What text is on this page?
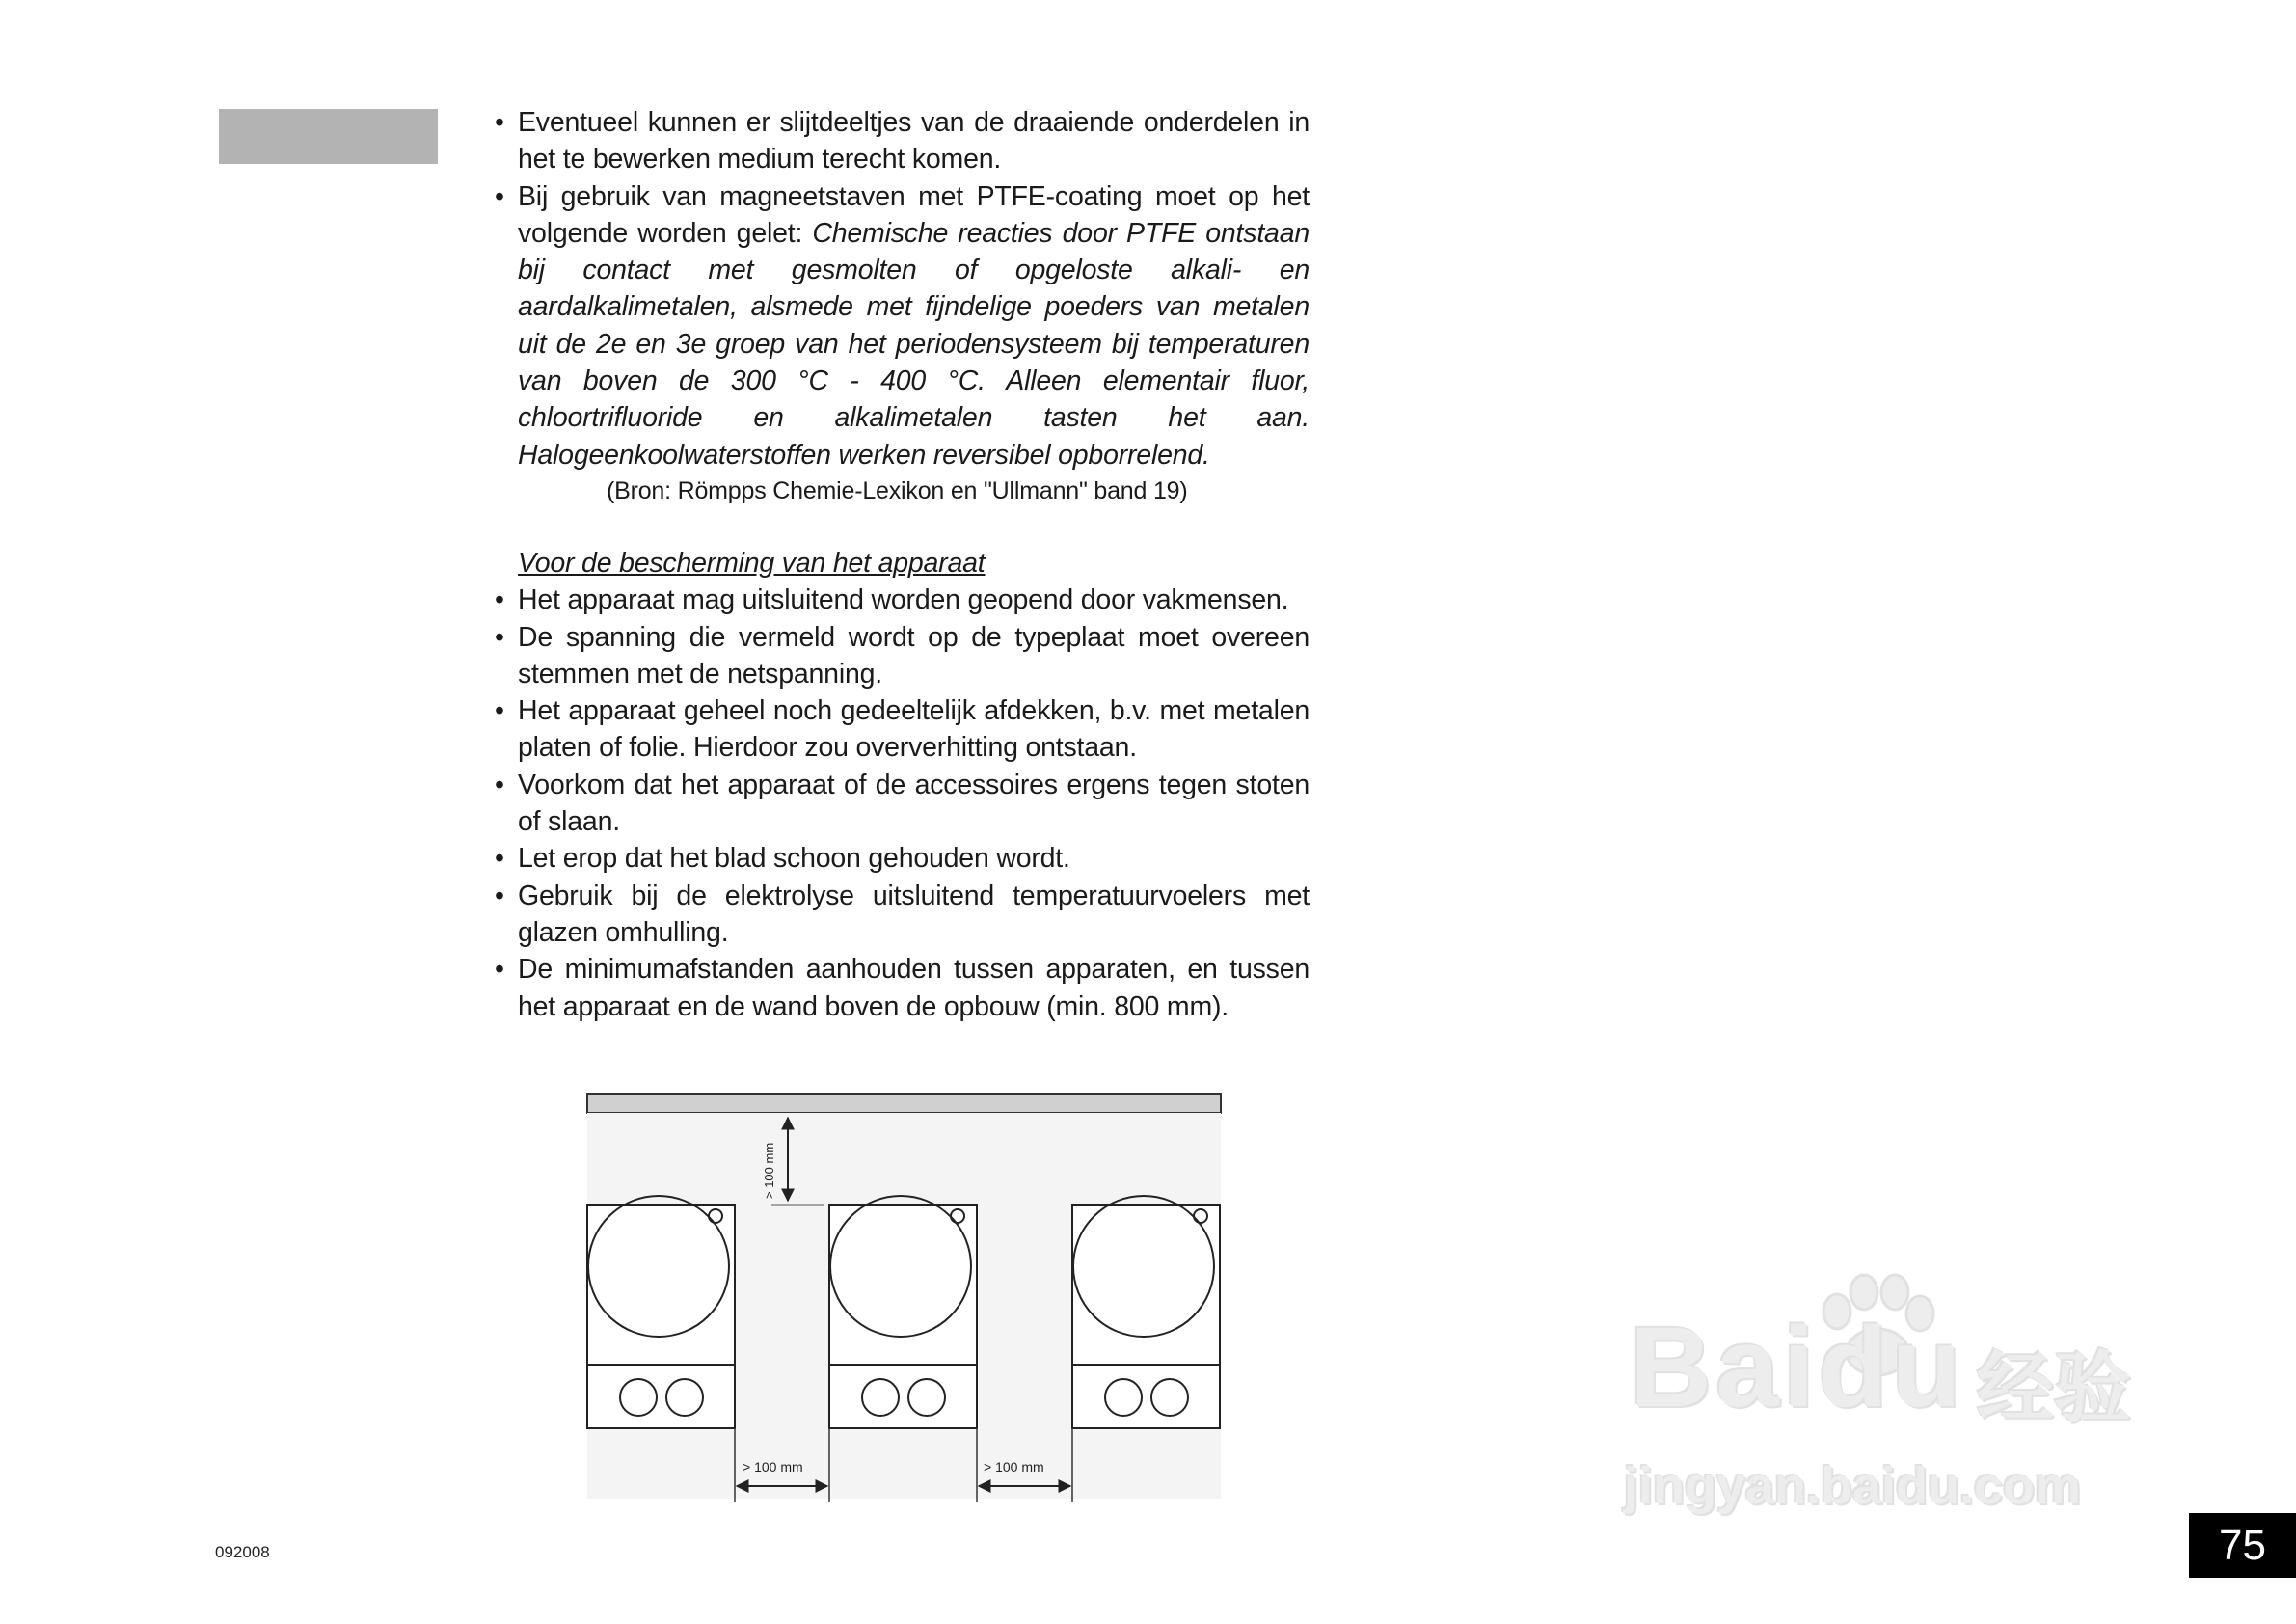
• Eventueel kunnen er slijtdeeltjes van de draaiende onderdelen in het te bewerken medium terecht komen.

• Bij gebruik van magneetstaven met PTFE-coating moet op het volgende worden gelet: Chemische reacties door PTFE ontstaan bij contact met gesmolten of opgeloste alkali- en aardalkalimetalen, alsmede met fijndelige poeders van metalen uit de 2e en 3e groep van het periodensysteem bij temperaturen van boven de 300 °C - 400 °C. Alleen elementair fluor, chloortrifluoride en alkalimetalen tasten het aan. Halogeenkoolwaterstoffen werken reversibel opborrelend.

(Bron: Römpps Chemie-Lexikon en "Ullmann" band 19)

Voor de bescherming van het apparaat

• Het apparaat mag uitsluitend worden geopend door vakmensen.

• De spanning die vermeld wordt op de typeplaat moet overeen stemmen met de netspanning.

• Het apparaat geheel noch gedeeltelijk afdekken, b.v. met metalen platen of folie. Hierdoor zou oververhitting ontstaan.

• Voorkom dat het apparaat of de accessoires ergens tegen stoten of slaan.

• Let erop dat het blad schoon gehouden wordt.

• Gebruik bij de elektrolyse uitsluitend temperatuurvoelers met glazen omhulling.

• De minimumafstanden aanhouden tussen apparaten, en tussen het apparaat en de wand boven de opbouw (min. 800 mm).

> 100 mm
> 100 mm	> 100 mm
Baidu 经验
jingyan.baidu.com
092008	75
